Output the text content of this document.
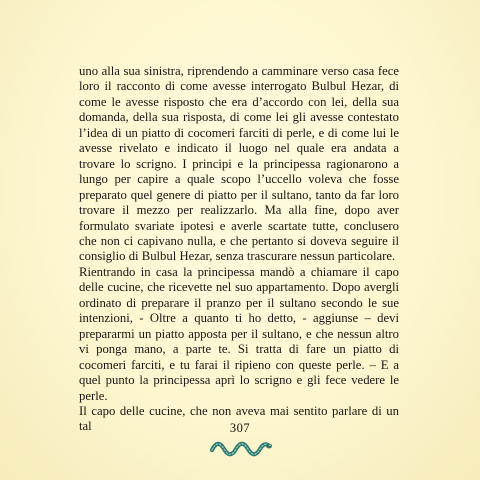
uno alla sua sinistra, riprendendo a camminare verso casa fece loro il racconto di come avesse interrogato Bulbul Hezar, di come le avesse risposto che era d’accordo con lei, della sua domanda, della sua risposta, di come lei gli avesse contestato l’idea di un piatto di cocomeri farciti di perle, e di come lui le avesse rivelato e indicato il luogo nel quale era andata a trovare lo scrigno. I principi e la principessa ragionarono a lungo per capire a quale scopo l’uccello voleva che fosse preparato quel genere di piatto per il sultano, tanto da far loro trovare il mezzo per realizzarlo. Ma alla fine, dopo aver formulato svariate ipotesi e averle scartate tutte, conclusero che non ci capivano nulla, e che pertanto si doveva seguire il consiglio di Bulbul Hezar, senza trascurare nessun particolare.

Rientrando in casa la principessa mandò a chiamare il capo delle cucine, che ricevette nel suo appartamento. Dopo avergli ordinato di preparare il pranzo per il sultano secondo le sue intenzioni, - Oltre a quanto ti ho detto, - aggiunse – devi prepararmi un piatto apposta per il sultano, e che nessun altro vi ponga mano, a parte te. Si tratta di fare un piatto di cocomeri farciti, e tu farai il ripieno con queste perle. – E a quel punto la principessa aprì lo scrigno e gli fece vedere le perle.

Il capo delle cucine, che non aveva mai sentito parlare di un tal	307
